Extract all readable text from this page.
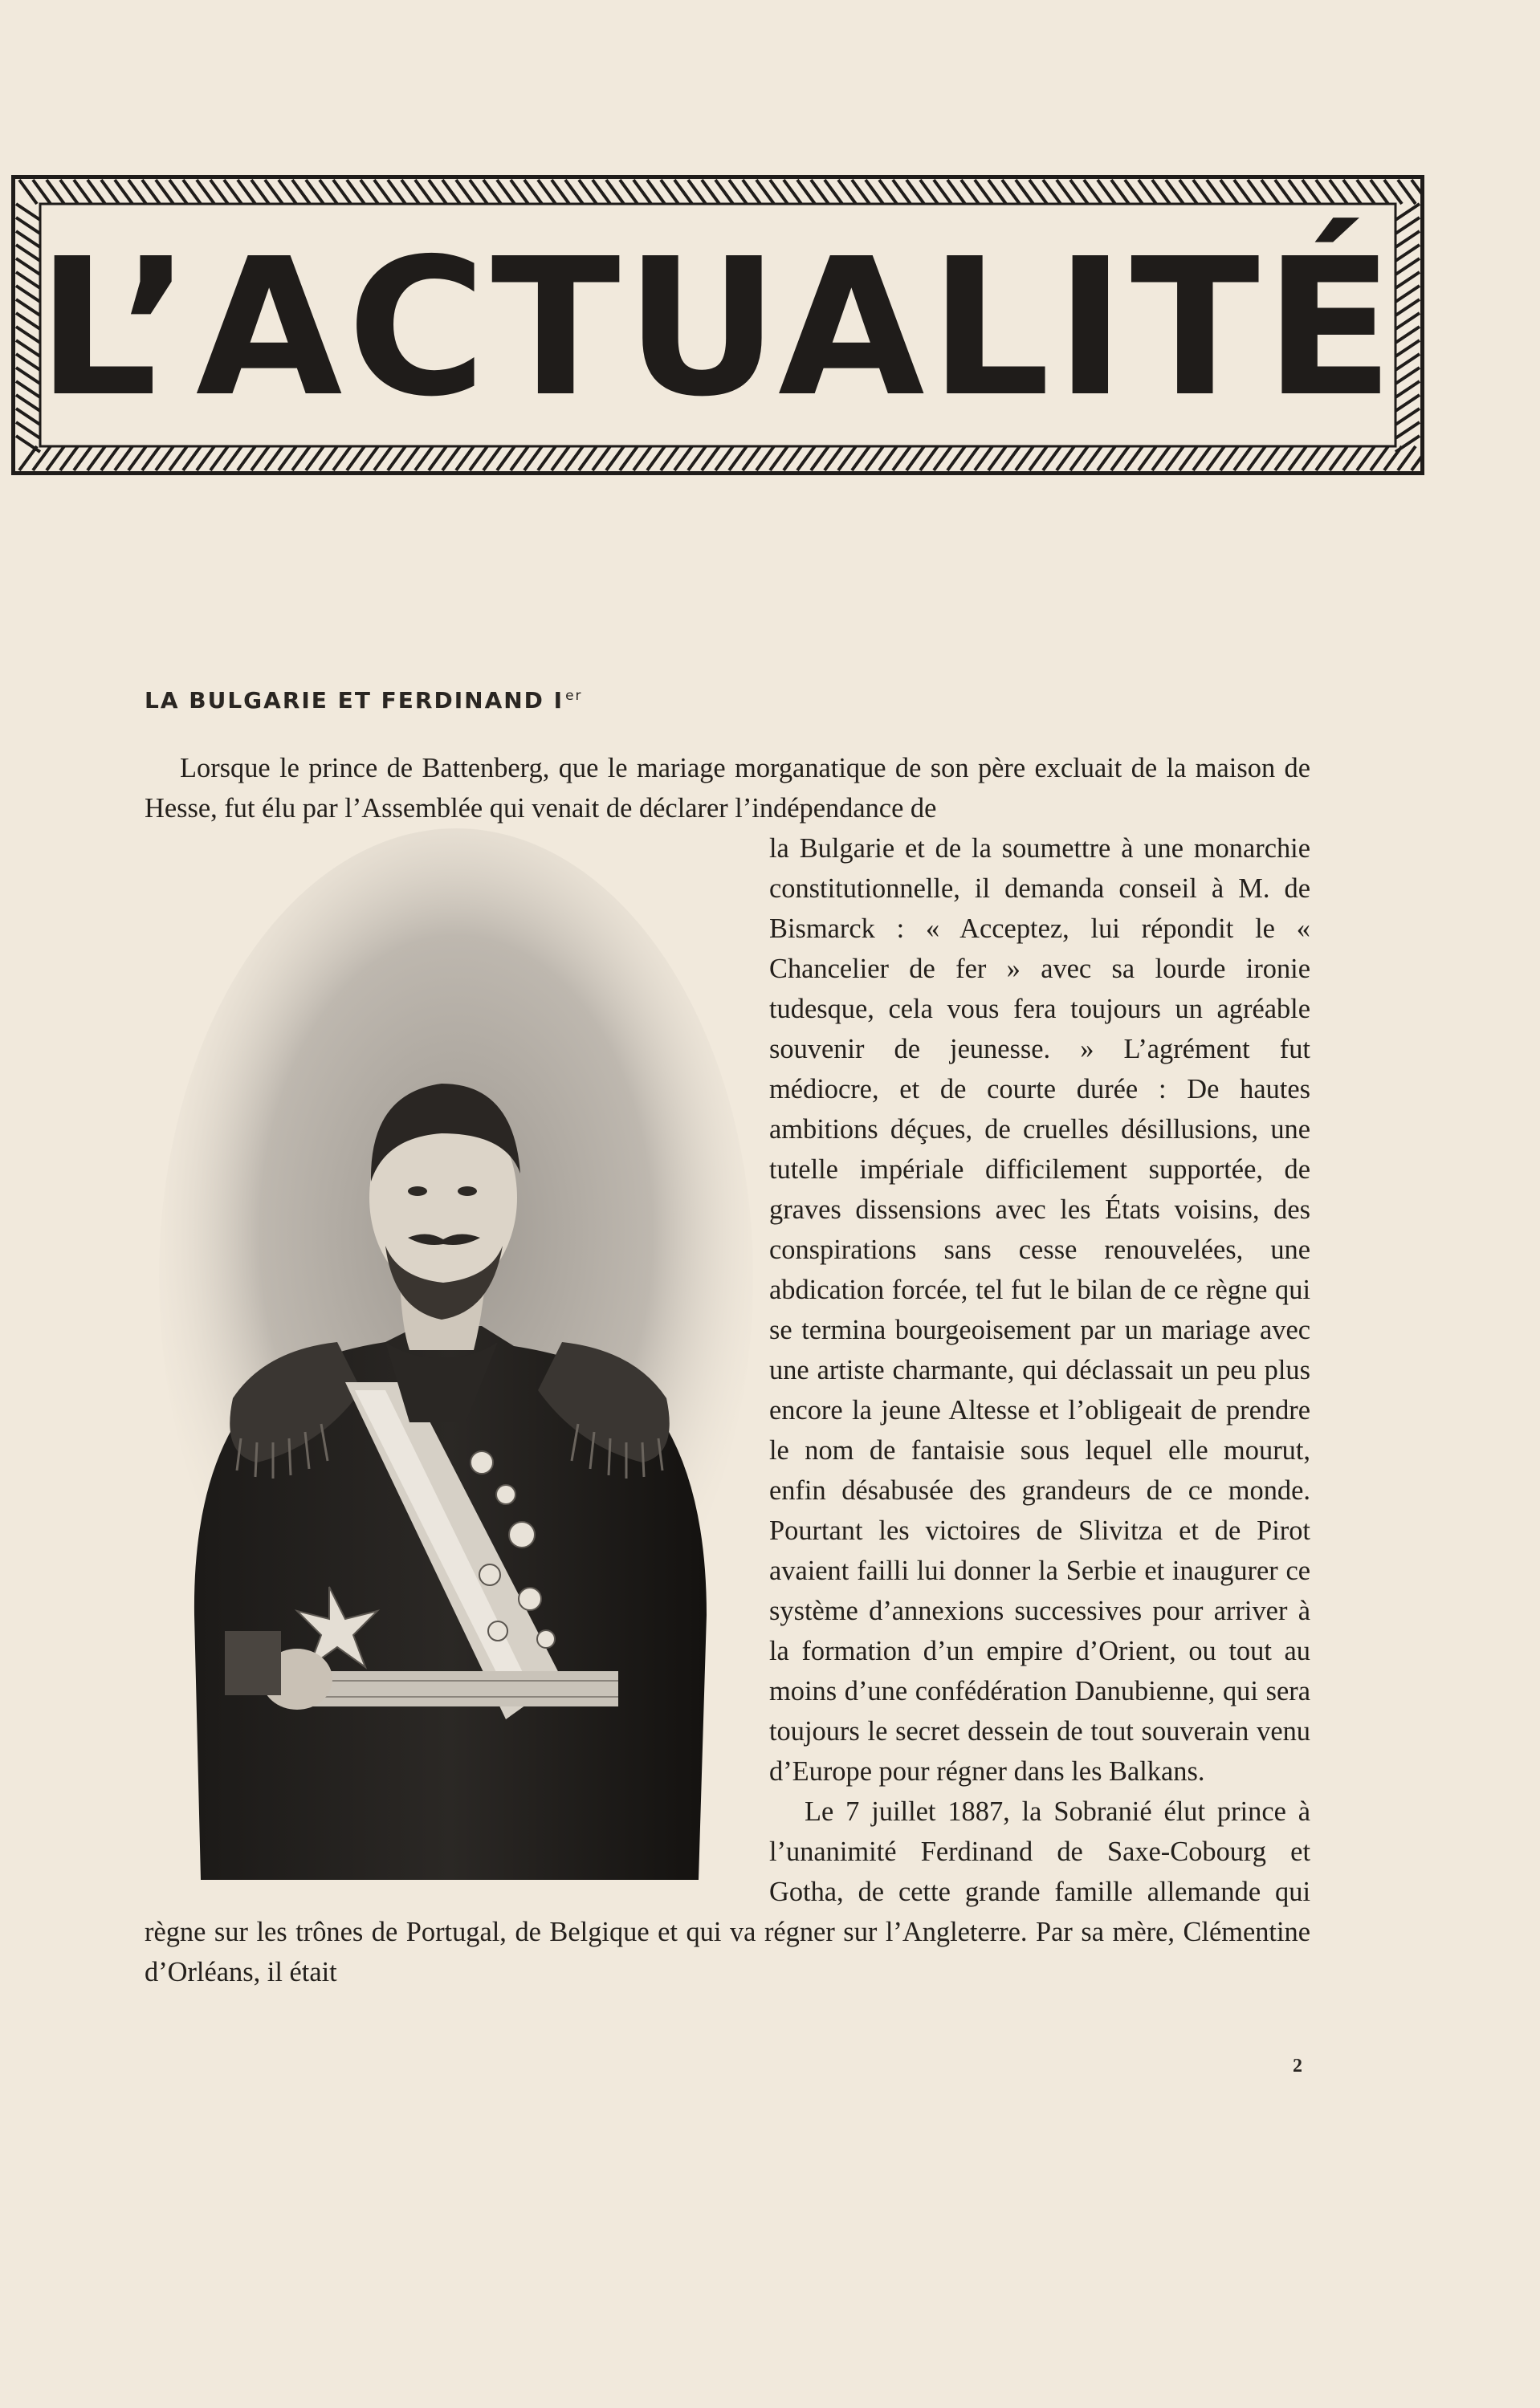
L’ACTUALITÉ
LA BULGARIE ET FERDINAND I $^{er}$

Lorsque le prince de Battenberg, que le mariage morganatique de son père excluait de la maison de Hesse, fut élu par l’Assemblée qui venait de déclarer l’indépendance de

la Bulgarie et de la soumettre à une monarchie constitutionnelle, il demanda conseil à M. de Bismarck : « Acceptez, lui répondit le « Chancelier de fer » avec sa lourde ironie tudesque, cela vous fera toujours un agréable souvenir de jeunesse. » L’agrément fut médiocre, et de courte durée : De hautes ambitions déçues, de cruelles désillusions, une tutelle impériale difficilement supportée, de graves dissensions avec les États voisins, des conspirations sans cesse renouvelées, une abdication forcée, tel fut le bilan de ce règne qui se termina bourgeoisement par un mariage avec une artiste charmante, qui déclassait un peu plus encore la jeune Altesse et l’obligeait de prendre le nom de fantaisie sous lequel elle mourut, enfin désabusée des grandeurs de ce monde. Pourtant les victoires de Slivitza et de Pirot avaient failli lui donner la Serbie et inaugurer ce système d’annexions successives pour arriver à la formation d’un empire d’Orient, ou tout au moins d’une confédération Danubienne, qui sera toujours le secret dessein de tout souverain venu d’Europe pour régner dans les Balkans.

Le 7 juillet 1887, la Sobranié élut prince à l’unanimité Ferdinand de Saxe-Cobourg et Gotha, de cette grande famille allemande qui règne sur les trônes de Portugal, de Belgique et qui va régner sur l’Angleterre. Par sa mère, Clémentine d’Orléans, il était

2
